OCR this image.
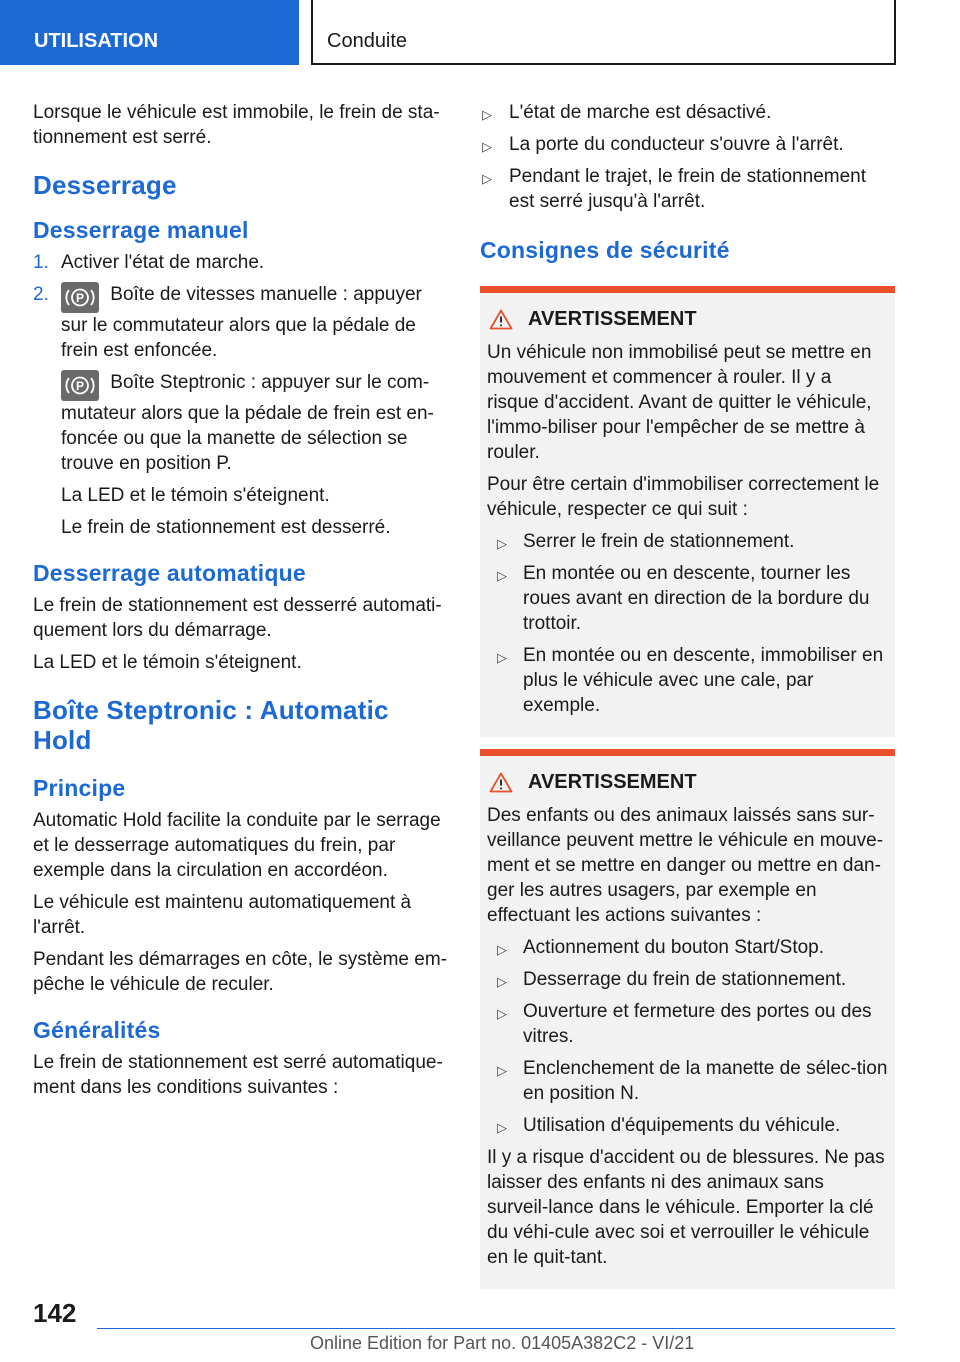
UTILISATION	Conduite

Lorsque le véhicule est immobile, le frein de sta-tionnement est serré.

Desserrage
Desserrage manuel
1. Activer l'état de marche.
2. P Boîte de vitesses manuelle : appuyer sur le commutateur alors que la pédale de frein est enfoncée.
P Boîte Steptronic : appuyer sur le com-mutateur alors que la pédale de frein est en-foncée ou que la manette de sélection se trouve en position P.

La LED et le témoin s'éteignent.

Le frein de stationnement est desserré.

Desserrage automatique

Le frein de stationnement est desserré automati-quement lors du démarrage.

La LED et le témoin s'éteignent.

Boîte Steptronic : Automatic Hold
Principe

Automatic Hold facilite la conduite par le serrage et le desserrage automatiques du frein, par exemple dans la circulation en accordéon.

Le véhicule est maintenu automatiquement à l'arrêt.

Pendant les démarrages en côte, le système em-pêche le véhicule de reculer.

Généralités

Le frein de stationnement est serré automatique-ment dans les conditions suivantes :

▷ L'état de marche est désactivé.
▷ La porte du conducteur s'ouvre à l'arrêt.
▷ Pendant le trajet, le frein de stationnement est serré jusqu'à l'arrêt.
Consignes de sécurité
AVERTISSEMENT

Un véhicule non immobilisé peut se mettre en mouvement et commencer à rouler. Il y a risque d'accident. Avant de quitter le véhicule, l'immo-biliser pour l'empêcher de se mettre à rouler.

Pour être certain d'immobiliser correctement le véhicule, respecter ce qui suit :

▷ Serrer le frein de stationnement.
▷ En montée ou en descente, tourner les roues avant en direction de la bordure du trottoir.
▷ En montée ou en descente, immobiliser en plus le véhicule avec une cale, par exemple.
AVERTISSEMENT

Des enfants ou des animaux laissés sans sur-veillance peuvent mettre le véhicule en mouve-ment et se mettre en danger ou mettre en dan-ger les autres usagers, par exemple en effectuant les actions suivantes :

▷ Actionnement du bouton Start/Stop.
▷ Desserrage du frein de stationnement.
▷ Ouverture et fermeture des portes ou des vitres.
▷ Enclenchement de la manette de sélec-tion en position N.
▷ Utilisation d'équipements du véhicule.

Il y a risque d'accident ou de blessures. Ne pas laisser des enfants ni des animaux sans surveil-lance dans le véhicule. Emporter la clé du véhi-cule avec soi et verrouiller le véhicule en le quit-tant.

142
Online Edition for Part no. 01405A382C2 - VI/21
